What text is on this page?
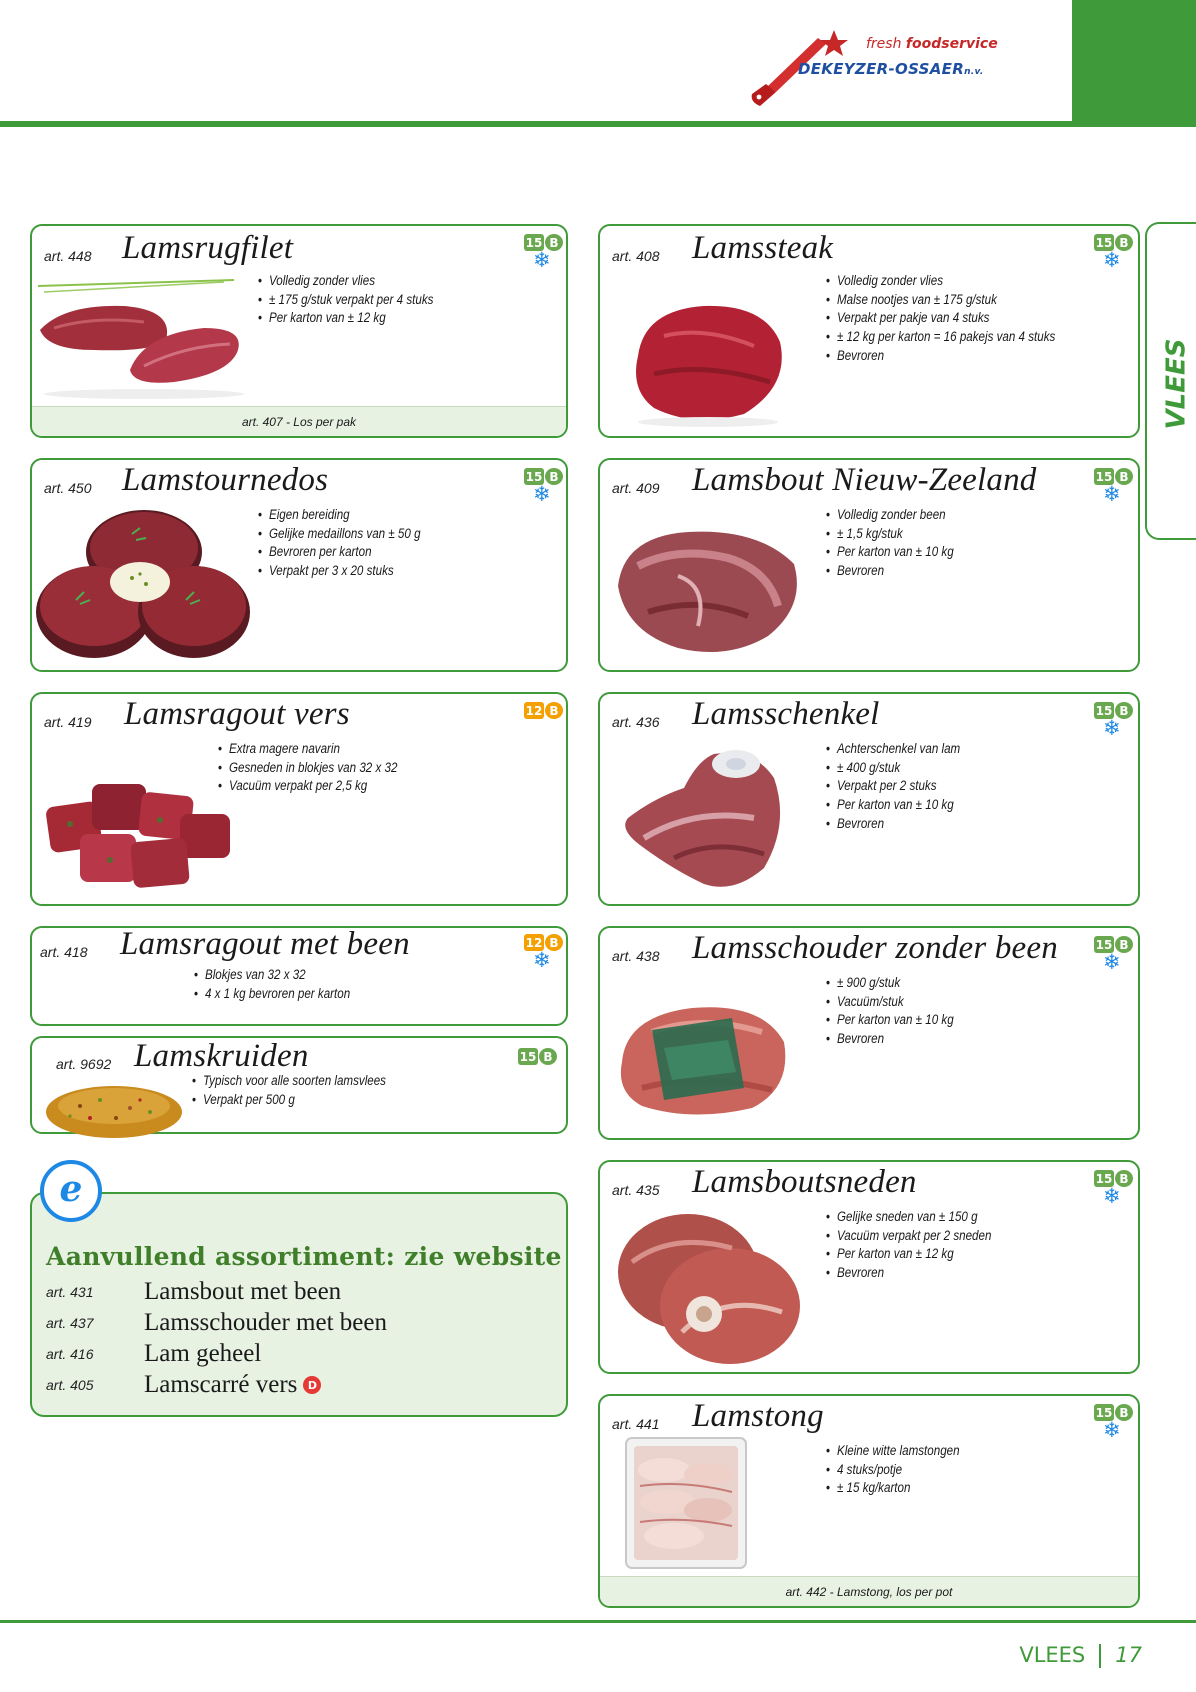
fresh foodservice
DEKEYZER-OSSAERn.v.
VLEES
art. 448 Lamsrugfilet
• Volledig zonder vlies
• ± 175 g/stuk verpakt per 4 stuks
• Per karton van ± 12 kg
15 B
❄
art. 407 - Los per pak
art. 408 Lamssteak
• Volledig zonder vlies
• Malse nootjes van ± 175 g/stuk
• Verpakt per pakje van 4 stuks
• ± 12 kg per karton = 16 pakejs van 4 stuks
• Bevroren
15 B
❄
art. 450 Lamstournedos
• Eigen bereiding
• Gelijke medaillons van ± 50 g
• Bevroren per karton
• Verpakt per 3 x 20 stuks
15 B
❄	art. 409 Lamsbout Nieuw-Zeeland
• Volledig zonder been
• ± 1,5 kg/stuk
• Per karton van ± 10 kg
• Bevroren
15 B
❄
art. 419 Lamsragout vers
• Extra magere navarin
• Gesneden in blokjes van 32 x 32
• Vacuüm verpakt per 2,5 kg
12 B
art. 436 Lamsschenkel
• Achterschenkel van lam
• ± 400 g/stuk
• Verpakt per 2 stuks
• Per karton van ± 10 kg
• Bevroren
15 B
❄
art. 418 Lamsragout met been
• Blokjes van 32 x 32
• 4 x 1 kg bevroren per karton
12 B
❄
art. 9692 Lamskruiden
• Typisch voor alle soorten lamsvlees
• Verpakt per 500 g
15 B
art. 438 Lamsschouder zonder been
• ± 900 g/stuk
• Vacuüm/stuk
• Per karton van ± 10 kg
• Bevroren
15 B
❄
art. 435 Lamsboutsneden
• Gelijke sneden van ± 150 g
• Vacuüm verpakt per 2 sneden
• Per karton van ± 12 kg
• Bevroren
15 B
❄
art. 441 Lamstong
• Kleine witte lamstongen
• 4 stuks/potje
• ± 15 kg/karton
15 B
❄
art. 442 - Lamstong, los per pot
Aanvullend assortiment: zie website
art. 431 Lamsbout met been
art. 437 Lamsschouder met been
art. 416 Lam geheel
art. 405 Lamscarré vers D
e
VLEES 17
